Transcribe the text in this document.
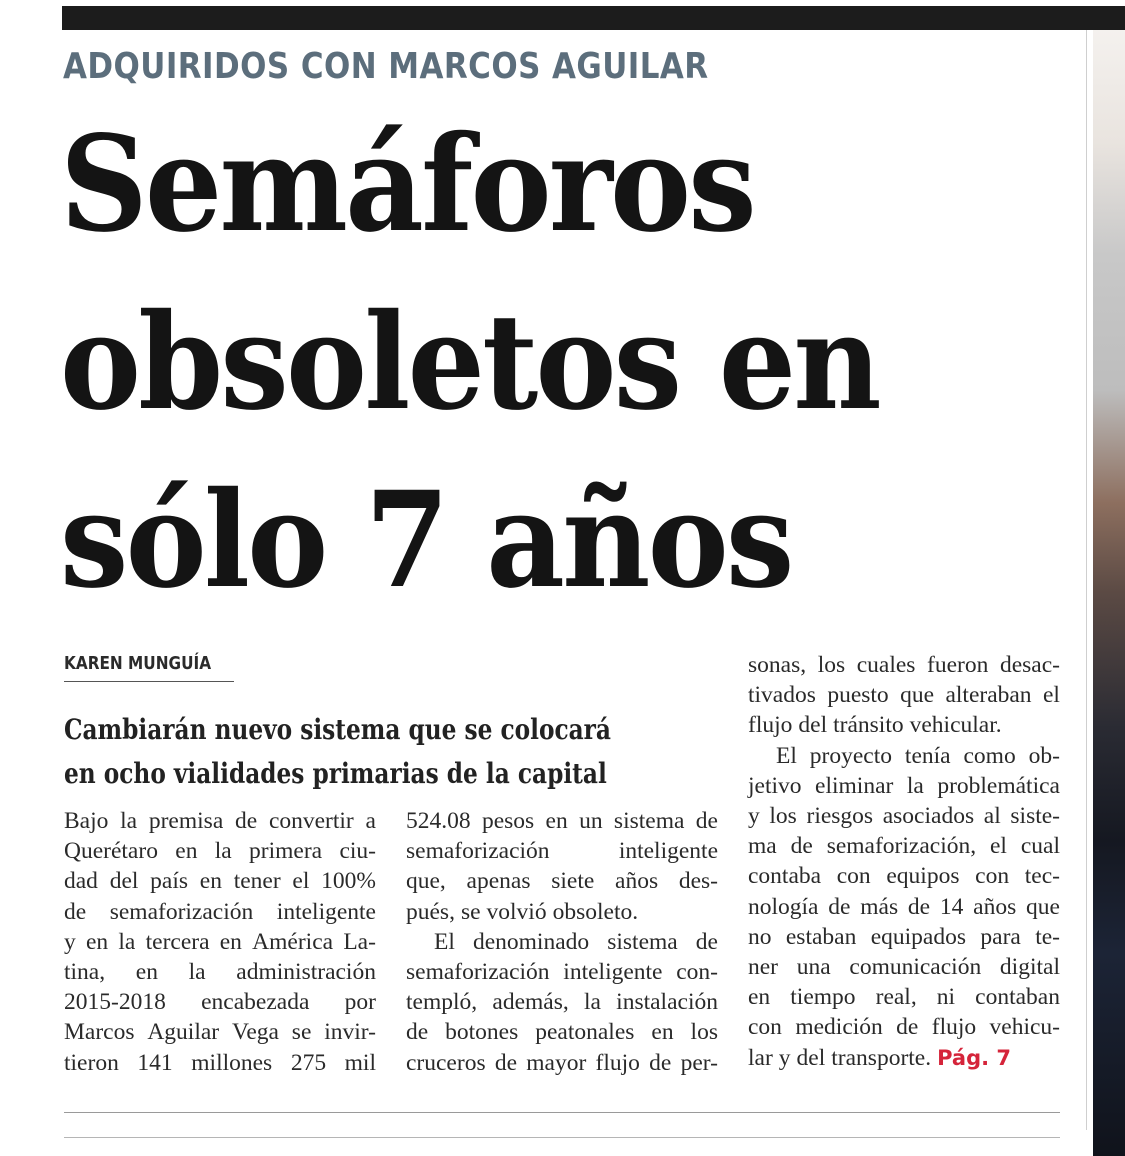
ADQUIRIDOS CON MARCOS AGUILAR
Semáforos
obsoletos en
sólo 7 años
KAREN MUNGUÍA
Cambiarán nuevo sistema que se colocará
en ocho vialidades primarias de la capital
Bajo la premisa de convertir a
Querétaro en la primera ciu-
dad del país en tener el 100%
de semaforización inteligente
y en la tercera en América La-
tina, en la administración
2015-2018 encabezada por
Marcos Aguilar Vega se invir-
tieron 141 millones 275 mil
524.08 pesos en un sistema de
semaforización	inteligente
que, apenas siete años des-
pués, se volvió obsoleto.
El denominado sistema de
semaforización inteligente con-
templó, además, la instalación
de botones peatonales en los
cruceros de mayor flujo de per-
sonas, los cuales fueron desac-
tivados puesto que alteraban el
flujo del tránsito vehicular.
El proyecto tenía como ob-
jetivo eliminar la problemática
y los riesgos asociados al siste-
ma de semaforización, el cual
contaba con equipos con tec-
nología de más de 14 años que
no estaban equipados para te-
ner una comunicación digital
en tiempo real, ni contaban
con medición de flujo vehicu-
lar y del transporte. Pág. 7
